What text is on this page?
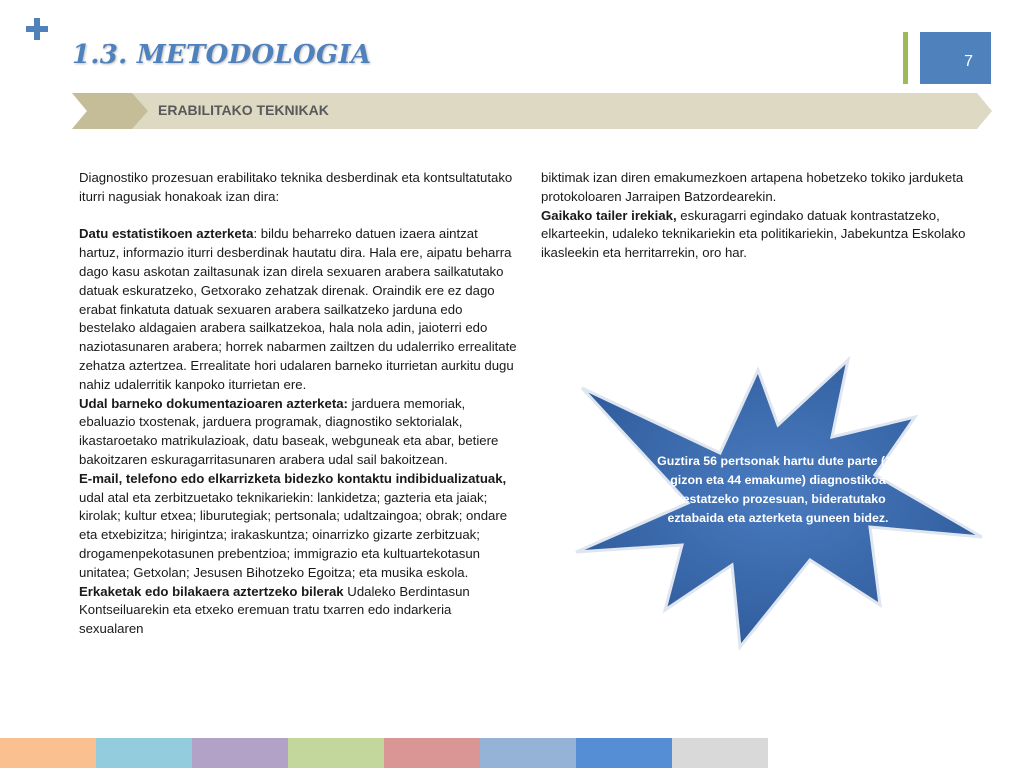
1.3. METODOLOGIA	7
ERABILITAKO TEKNIKAK

Diagnostiko prozesuan erabilitako teknika desberdinak eta kontsultatutako iturri nagusiak honakoak izan dira:

Datu estatistikoen azterketa: bildu beharreko datuen izaera aintzat hartuz, informazio iturri desberdinak hautatu dira. Hala ere, aipatu beharra dago kasu askotan zailtasunak izan direla sexuaren arabera sailkatutako datuak eskuratzeko, Getxorako zehatzak direnak. Oraindik ere ez dago erabat finkatuta datuak sexuaren arabera sailkatzeko jarduna edo bestelako aldagaien arabera sailkatzekoa, hala nola adin, jaioterri edo naziotasunaren arabera; horrek nabarmen zailtzen du udalerriko errealitate zehatza aztertzea. Errealitate hori udalaren barneko iturrietan aurkitu dugu nahiz udalerritik kanpoko iturrietan ere.

Udal barneko dokumentazioaren azterketa: jarduera memoriak, ebaluazio txostenak, jarduera programak, diagnostiko sektorialak, ikastaroetako matrikulazioak, datu baseak, webguneak eta abar, betiere bakoitzaren eskuragarritasunaren arabera udal sail bakoitzean.

E-mail, telefono edo elkarrizketa bidezko kontaktu indibidualizatuak, udal atal eta zerbitzuetako teknikariekin: lankidetza; gazteria eta jaiak; kirolak; kultur etxea; liburutegiak; pertsonala; udaltzaingoa; obrak; ondare eta etxebizitza; hirigintza; irakaskuntza; oinarrizko gizarte zerbitzuak; drogamenpekotasunen prebentzioa; immigrazio eta kultuartekotasun unitatea; Getxolan; Jesusen Bihotzeko Egoitza; eta musika eskola.

Erkaketak edo bilakaera aztertzeko bilerak Udaleko Berdintasun Kontseiluarekin eta etxeko eremuan tratu txarren edo indarkeria sexualaren

biktimak izan diren emakumezkoen artapena hobetzeko tokiko jarduketa protokoloaren Jarraipen Batzordearekin.

Gaikako tailer irekiak, eskuragarri egindako datuak kontrastatzeko, elkarteekin, udaleko teknikariekin eta politikariekin, Jabekuntza Eskolako ikasleekin eta herritarrekin, oro har.

Guztira 56 pertsonak hartu dute parte (12 gizon eta 44 emakume) diagnostikoa prestatzeko prozesuan, bideratutako eztabaida eta azterketa guneen bidez.
